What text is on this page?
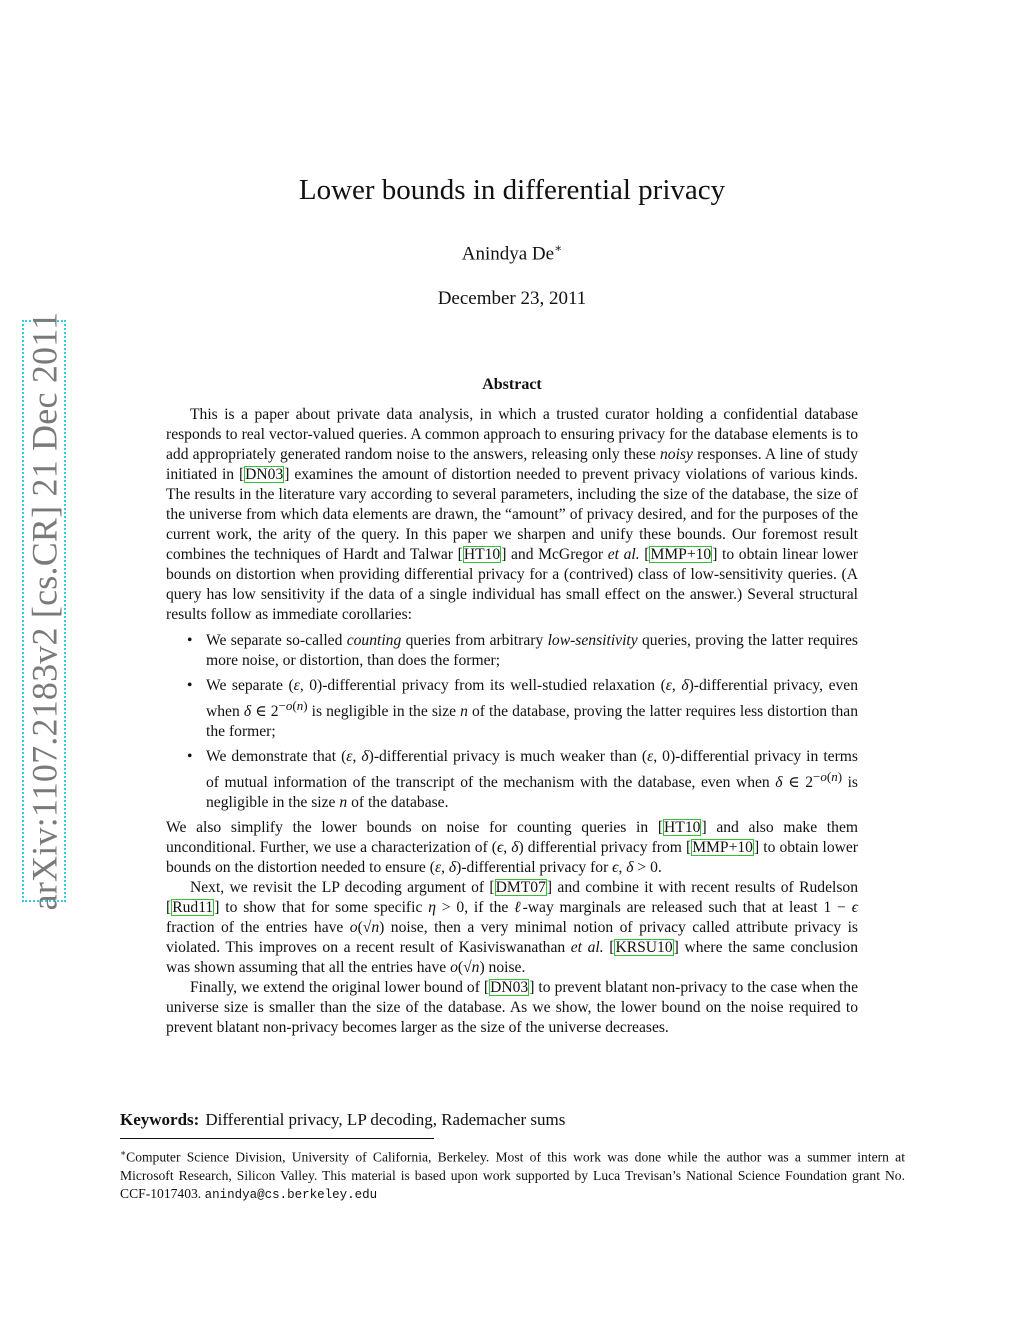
arXiv:1107.2183v2 [cs.CR] 21 Dec 2011
Lower bounds in differential privacy
Anindya De∗
December 23, 2011
Abstract

This is a paper about private data analysis, in which a trusted curator holding a confidential database responds to real vector-valued queries. A common approach to ensuring privacy for the database elements is to add appropriately generated random noise to the answers, releasing only these noisy responses. A line of study initiated in [DN03] examines the amount of distortion needed to prevent privacy violations of various kinds. The results in the literature vary according to several parameters, including the size of the database, the size of the universe from which data elements are drawn, the “amount” of privacy desired, and for the purposes of the current work, the arity of the query. In this paper we sharpen and unify these bounds. Our foremost result combines the techniques of Hardt and Talwar [HT10] and McGregor et al. [MMP+10] to obtain linear lower bounds on distortion when providing differential privacy for a (contrived) class of low-sensitivity queries. (A query has low sensitivity if the data of a single individual has small effect on the answer.) Several structural results follow as immediate corollaries:

• We separate so-called counting queries from arbitrary low-sensitivity queries, proving the latter requires more noise, or distortion, than does the former;
• We separate (ε, 0)-differential privacy from its well-studied relaxation (ε, δ)-differential privacy, even when δ ∈ $2^{-o(n)}$ is negligible in the size n of the database, proving the latter requires less distortion than the former;
• We demonstrate that (ε, δ)-differential privacy is much weaker than (ε, 0)-differential privacy in terms of mutual information of the transcript of the mechanism with the database, even when δ ∈ $2^{-o(n)}$ is negligible in the size n of the database.

We also simplify the lower bounds on noise for counting queries in [HT10] and also make them unconditional. Further, we use a characterization of (ϵ, δ) differential privacy from [MMP+10] to obtain lower bounds on the distortion needed to ensure (ε, δ)-differential privacy for ϵ, δ > 0.

Next, we revisit the LP decoding argument of [DMT07] and combine it with recent results of Rudelson [Rud11] to show that for some specific η > 0, if the ℓ-way marginals are released such that at least 1 − ϵ fraction of the entries have o(√n) noise, then a very minimal notion of privacy called attribute privacy is violated. This improves on a recent result of Kasiviswanathan et al. [KRSU10] where the same conclusion was shown assuming that all the entries have o(√n) noise.

Finally, we extend the original lower bound of [DN03] to prevent blatant non-privacy to the case when the universe size is smaller than the size of the database. As we show, the lower bound on the noise required to prevent blatant non-privacy becomes larger as the size of the universe decreases.

Keywords: Differential privacy, LP decoding, Rademacher sums
∗Computer Science Division, University of California, Berkeley. Most of this work was done while the author was a summer intern at Microsoft Research, Silicon Valley. This material is based upon work supported by Luca Trevisan’s National Science Foundation grant No. CCF-1017403. anindya@cs.berkeley.edu
